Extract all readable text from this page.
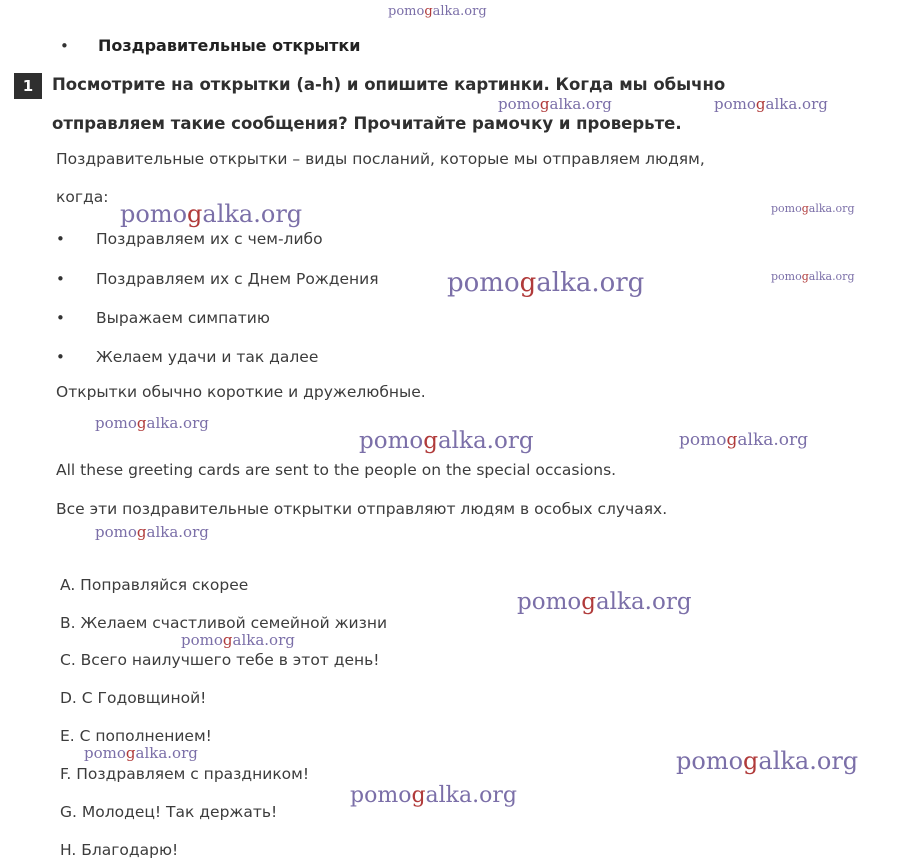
pomogalka.org
pomogalka.org	pomogalka.org
pomogalka.org
pomogalka.org
pomogalka.org
pomogalka.org
pomogalka.org
pomogalka.org	pomogalka.org
pomogalka.org
pomogalka.org
pomogalka.org
pomogalka.org	pomogalka.org
pomogalka.org
•	Поздравительные открытки
1	Посмотрите на открытки (a-h) и опишите картинки. Когда мы обычно
отправляем такие сообщения? Прочитайте рамочку и проверьте.
Поздравительные открытки – виды посланий, которые мы отправляем людям,
когда:
•	Поздравляем их с чем-либо
•	Поздравляем их с Днем Рождения
•	Выражаем симпатию
•	Желаем удачи и так далее
Открытки обычно короткие и дружелюбные.
All these greeting cards are sent to the people on the special occasions.
Все эти поздравительные открытки отправляют людям в особых случаях.
A. Поправляйся скорее
B. Желаем счастливой семейной жизни
C. Всего наилучшего тебе в этот день!
D. С Годовщиной!
E. С пополнением!
F. Поздравляем с праздником!
G. Молодец! Так держать!
H. Благодарю!
